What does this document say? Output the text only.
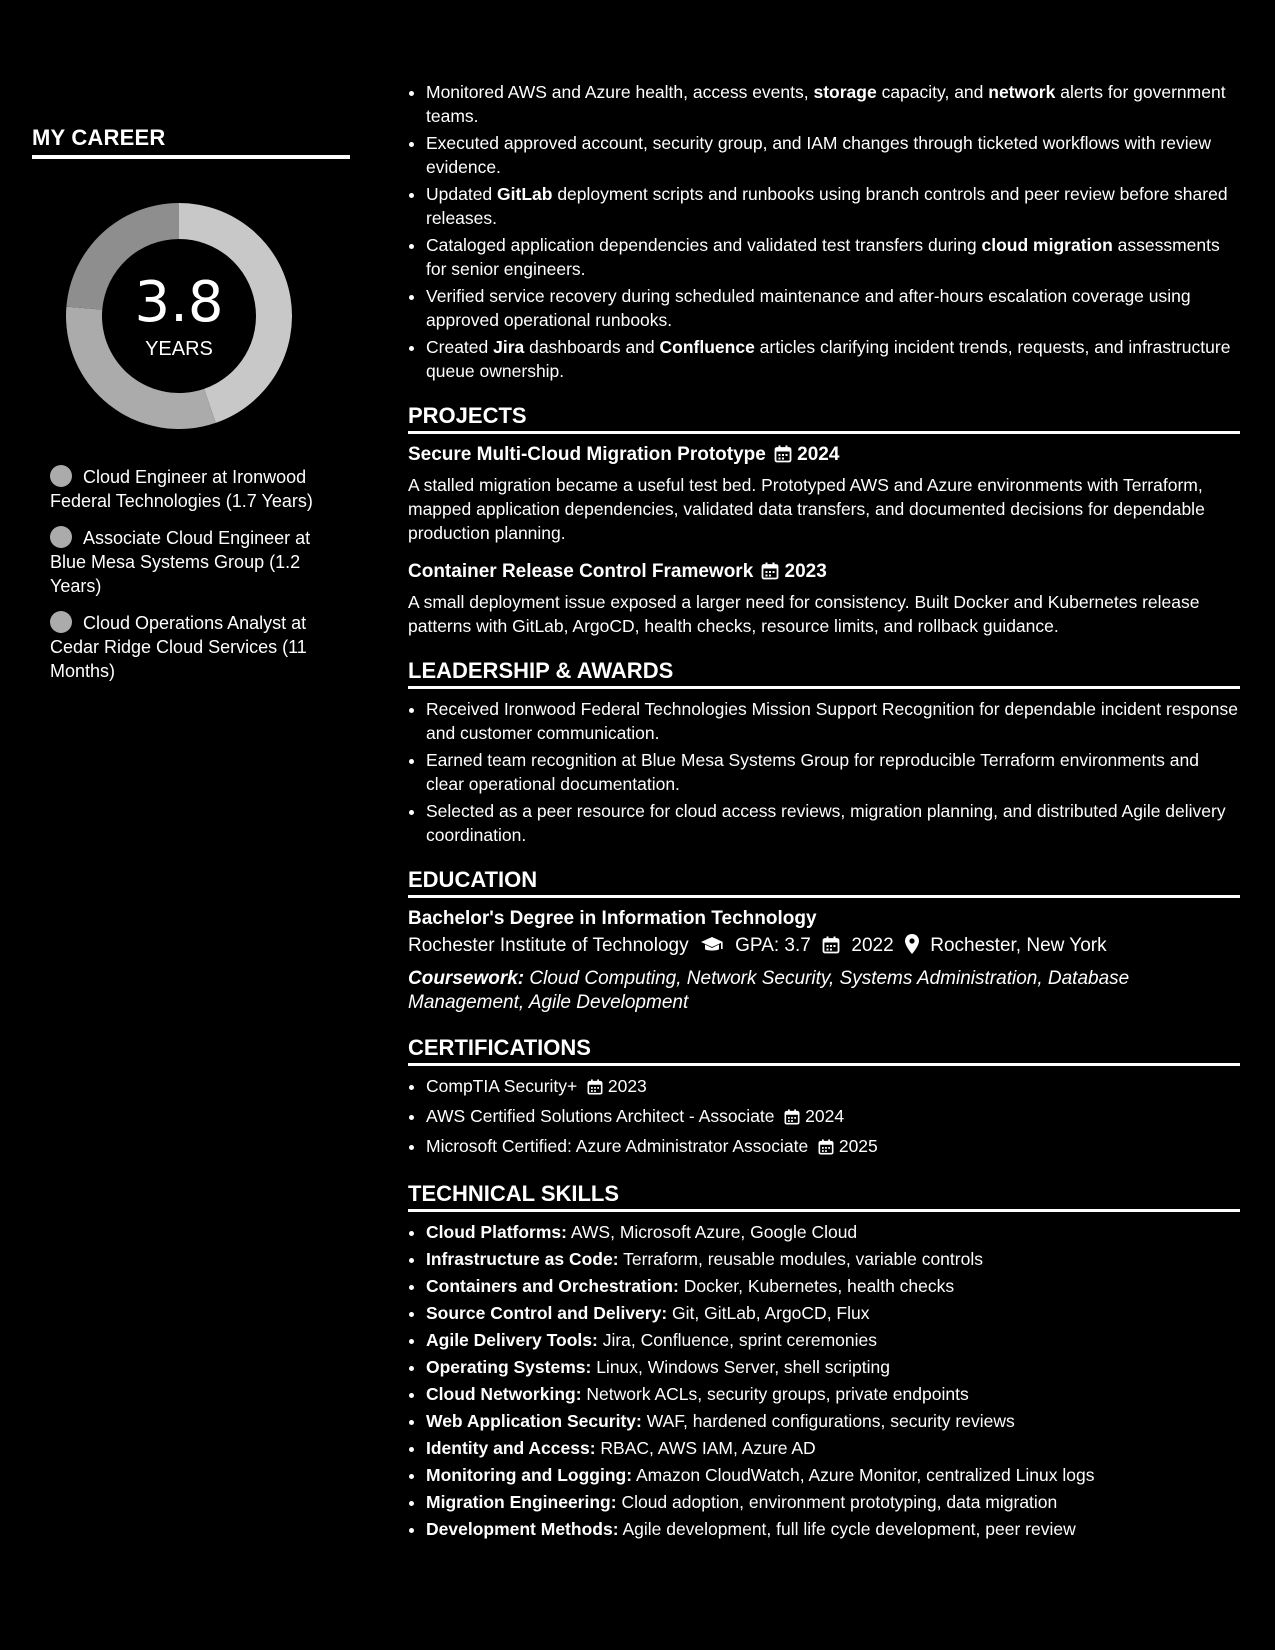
MY CAREER
3.8
YEARS
Cloud Engineer at Ironwood Federal Technologies (1.7 Years)
Associate Cloud Engineer at Blue Mesa Systems Group (1.2 Years)
Cloud Operations Analyst at Cedar Ridge Cloud Services (11 Months)
• Monitored AWS and Azure health, access events, storage capacity, and network alerts for government teams.
• Executed approved account, security group, and IAM changes through ticketed workflows with review evidence.
• Updated GitLab deployment scripts and runbooks using branch controls and peer review before shared releases.
• Cataloged application dependencies and validated test transfers during cloud migration assessments for senior engineers.
• Verified service recovery during scheduled maintenance and after-hours escalation coverage using approved operational runbooks.
• Created Jira dashboards and Confluence articles clarifying incident trends, requests, and infrastructure queue ownership.
PROJECTS

Secure Multi-Cloud Migration Prototype 2024

A stalled migration became a useful test bed. Prototyped AWS and Azure environments with Terraform, mapped application dependencies, validated data transfers, and documented decisions for dependable production planning.

Container Release Control Framework 2023

A small deployment issue exposed a larger need for consistency. Built Docker and Kubernetes release patterns with GitLab, ArgoCD, health checks, resource limits, and rollback guidance.

LEADERSHIP & AWARDS
• Received Ironwood Federal Technologies Mission Support Recognition for dependable incident response and customer communication.
• Earned team recognition at Blue Mesa Systems Group for reproducible Terraform environments and clear operational documentation.
• Selected as a peer resource for cloud access reviews, migration planning, and distributed Agile delivery coordination.
EDUCATION

Bachelor's Degree in Information Technology

Rochester Institute of Technology GPA: 3.7 2022 Rochester, New York
Coursework: Cloud Computing, Network Security, Systems Administration, Database Management, Agile Development
CERTIFICATIONS
• CompTIA Security+ 2023
• AWS Certified Solutions Architect - Associate 2024
• Microsoft Certified: Azure Administrator Associate 2025
TECHNICAL SKILLS
• Cloud Platforms: AWS, Microsoft Azure, Google Cloud
• Infrastructure as Code: Terraform, reusable modules, variable controls
• Containers and Orchestration: Docker, Kubernetes, health checks
• Source Control and Delivery: Git, GitLab, ArgoCD, Flux
• Agile Delivery Tools: Jira, Confluence, sprint ceremonies
• Operating Systems: Linux, Windows Server, shell scripting
• Cloud Networking: Network ACLs, security groups, private endpoints
• Web Application Security: WAF, hardened configurations, security reviews
• Identity and Access: RBAC, AWS IAM, Azure AD
• Monitoring and Logging: Amazon CloudWatch, Azure Monitor, centralized Linux logs
• Migration Engineering: Cloud adoption, environment prototyping, data migration
• Development Methods: Agile development, full life cycle development, peer review
